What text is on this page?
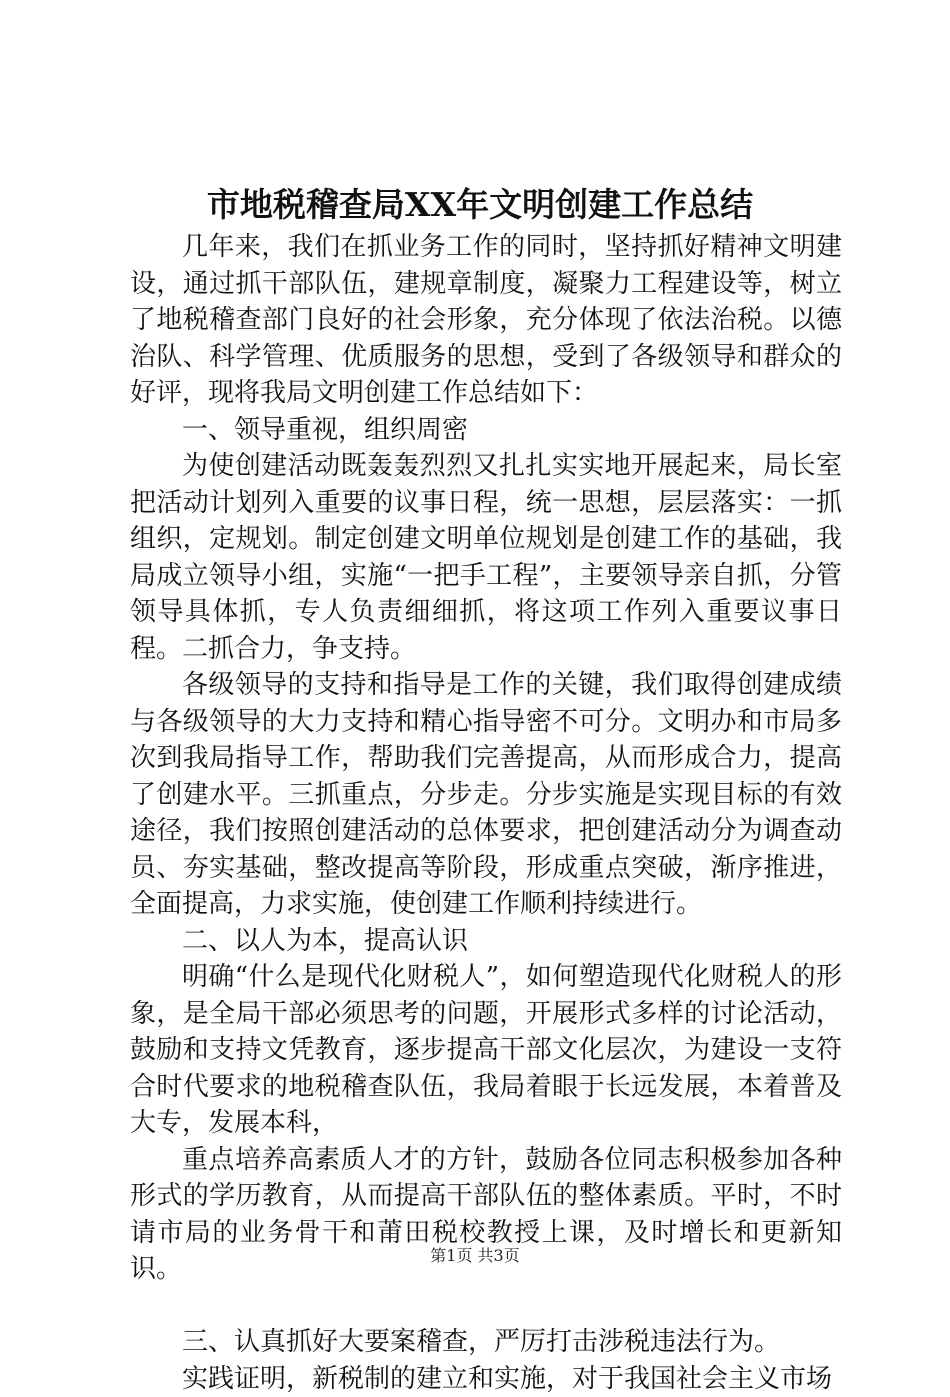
市地税稽查局XX年文明创建工作总结

几年来，我们在抓业务工作的同时，坚持抓好精神文明建设，通过抓干部队伍，建规章制度，凝聚力工程建设等，树立了地税稽查部门良好的社会形象，充分体现了依法治税。以德治队、科学管理、优质服务的思想，受到了各级领导和群众的好评，现将我局文明创建工作总结如下：

一、领导重视，组织周密

为使创建活动既轰轰烈烈又扎扎实实地开展起来，局长室把活动计划列入重要的议事日程，统一思想，层层落实：一抓组织，定规划。制定创建文明单位规划是创建工作的基础，我局成立领导小组，实施“一把手工程”，主要领导亲自抓，分管领导具体抓，专人负责细细抓，将这项工作列入重要议事日程。二抓合力，争支持。

各级领导的支持和指导是工作的关键，我们取得创建成绩与各级领导的大力支持和精心指导密不可分。文明办和市局多次到我局指导工作，帮助我们完善提高，从而形成合力，提高了创建水平。三抓重点，分步走。分步实施是实现目标的有效途径，我们按照创建活动的总体要求，把创建活动分为调查动员、夯实基础，整改提高等阶段，形成重点突破，渐序推进，全面提高，力求实施，使创建工作顺利持续进行。

二、以人为本，提高认识

明确“什么是现代化财税人”，如何塑造现代化财税人的形象，是全局干部必须思考的问题，开展形式多样的讨论活动，鼓励和支持文凭教育，逐步提高干部文化层次，为建设一支符合时代要求的地税稽查队伍，我局着眼于长远发展，本着普及大专，发展本科，

重点培养高素质人才的方针，鼓励各位同志积极参加各种形式的学历教育，从而提高干部队伍的整体素质。平时，不时请市局的业务骨干和莆田税校教授上课，及时增长和更新知识。

三、认真抓好大要案稽查，严厉打击涉税违法行为。

实践证明，新税制的建立和实施，对于我国社会主义市场

第1页 共3页
